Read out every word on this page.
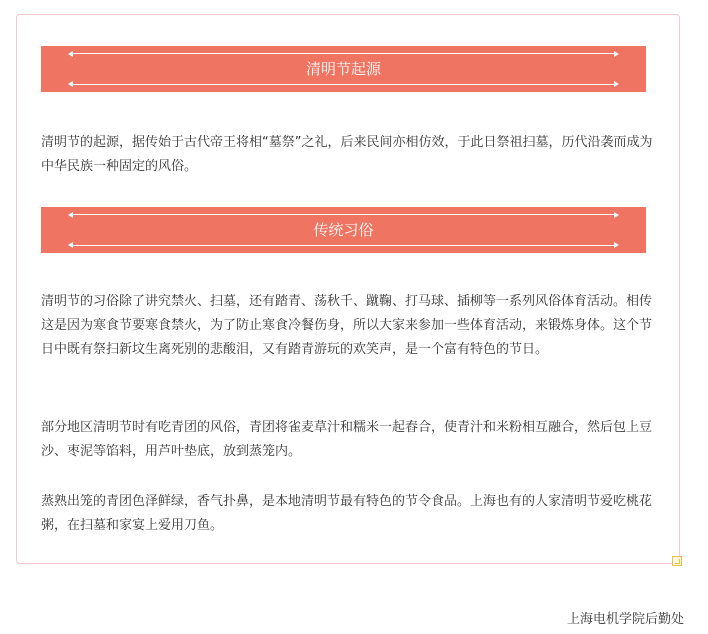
清明节起源

清明节的起源，据传始于古代帝王将相“墓祭”之礼，后来民间亦相仿效，于此日祭祖扫墓，历代沿袭而成为中华民族一种固定的风俗。

传统习俗

清明节的习俗除了讲究禁火、扫墓，还有踏青、荡秋千、蹴鞠、打马球、插柳等一系列风俗体育活动。相传这是因为寒食节要寒食禁火，为了防止寒食冷餐伤身，所以大家来参加一些体育活动，来锻炼身体。这个节日中既有祭扫新坟生离死别的悲酸泪，又有踏青游玩的欢笑声，是一个富有特色的节日。

部分地区清明节时有吃青团的风俗，青团将雀麦草汁和糯米一起舂合，使青汁和米粉相互融合，然后包上豆沙、枣泥等馅料，用芦叶垫底，放到蒸笼内。

蒸熟出笼的青团色泽鲜绿，香气扑鼻，是本地清明节最有特色的节令食品。上海也有的人家清明节爱吃桃花粥，在扫墓和家宴上爱用刀鱼。

上海电机学院后勤处
